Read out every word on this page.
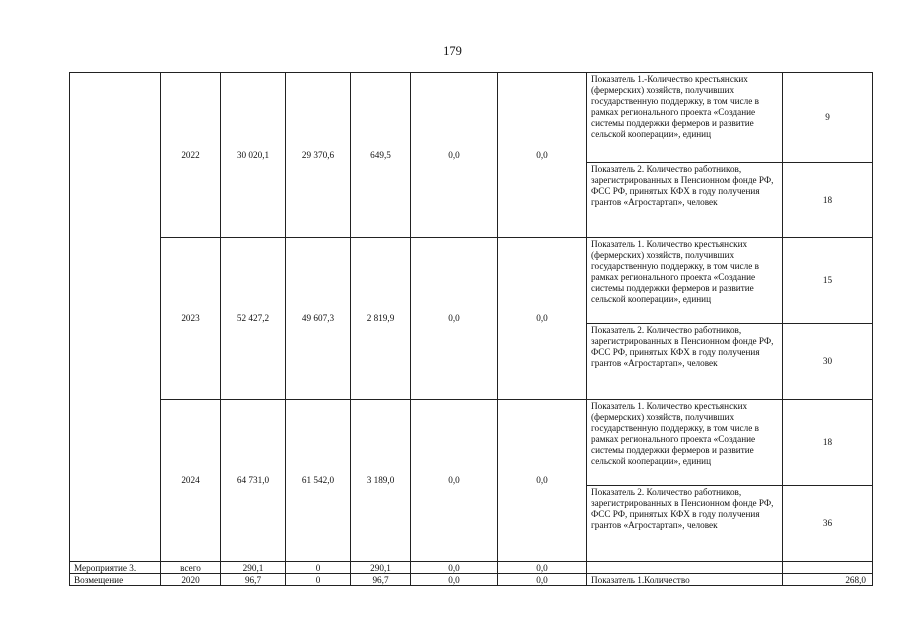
179
	2022	30 020,1	29 370,6	649,5	0,0	0,0	Показатель 1.-Количество крестьянских (фермерских) хозяйств, получивших государственную поддержку, в том числе в рамках регионального проекта «Создание системы поддержки фермеров и развитие сельской кооперации», единиц	9
							Показатель 2. Количество работников, зарегистрированных в Пенсионном фонде РФ, ФСС РФ, принятых КФХ в году получения грантов «Агростартап», человек	18
	2023	52 427,2	49 607,3	2 819,9	0,0	0,0	Показатель 1. Количество крестьянских (фермерских) хозяйств, получивших государственную поддержку, в том числе в рамках регионального проекта «Создание системы поддержки фермеров и развитие сельской кооперации», единиц	15
							Показатель 2. Количество работников, зарегистрированных в Пенсионном фонде РФ, ФСС РФ, принятых КФХ в году получения грантов «Агростартап», человек	30
	2024	64 731,0	61 542,0	3 189,0	0,0	0,0	Показатель 1. Количество крестьянских (фермерских) хозяйств, получивших государственную поддержку, в том числе в рамках регионального проекта «Создание системы поддержки фермеров и развитие сельской кооперации», единиц	18
							Показатель 2. Количество работников, зарегистрированных в Пенсионном фонде РФ, ФСС РФ, принятых КФХ в году получения грантов «Агростартап», человек	36
Мероприятие 3.	всего	290,1	0	290,1	0,0	0,0		
Возмещение	2020	96,7	0	96,7	0,0	0,0	Показатель 1.Количество	268,0
